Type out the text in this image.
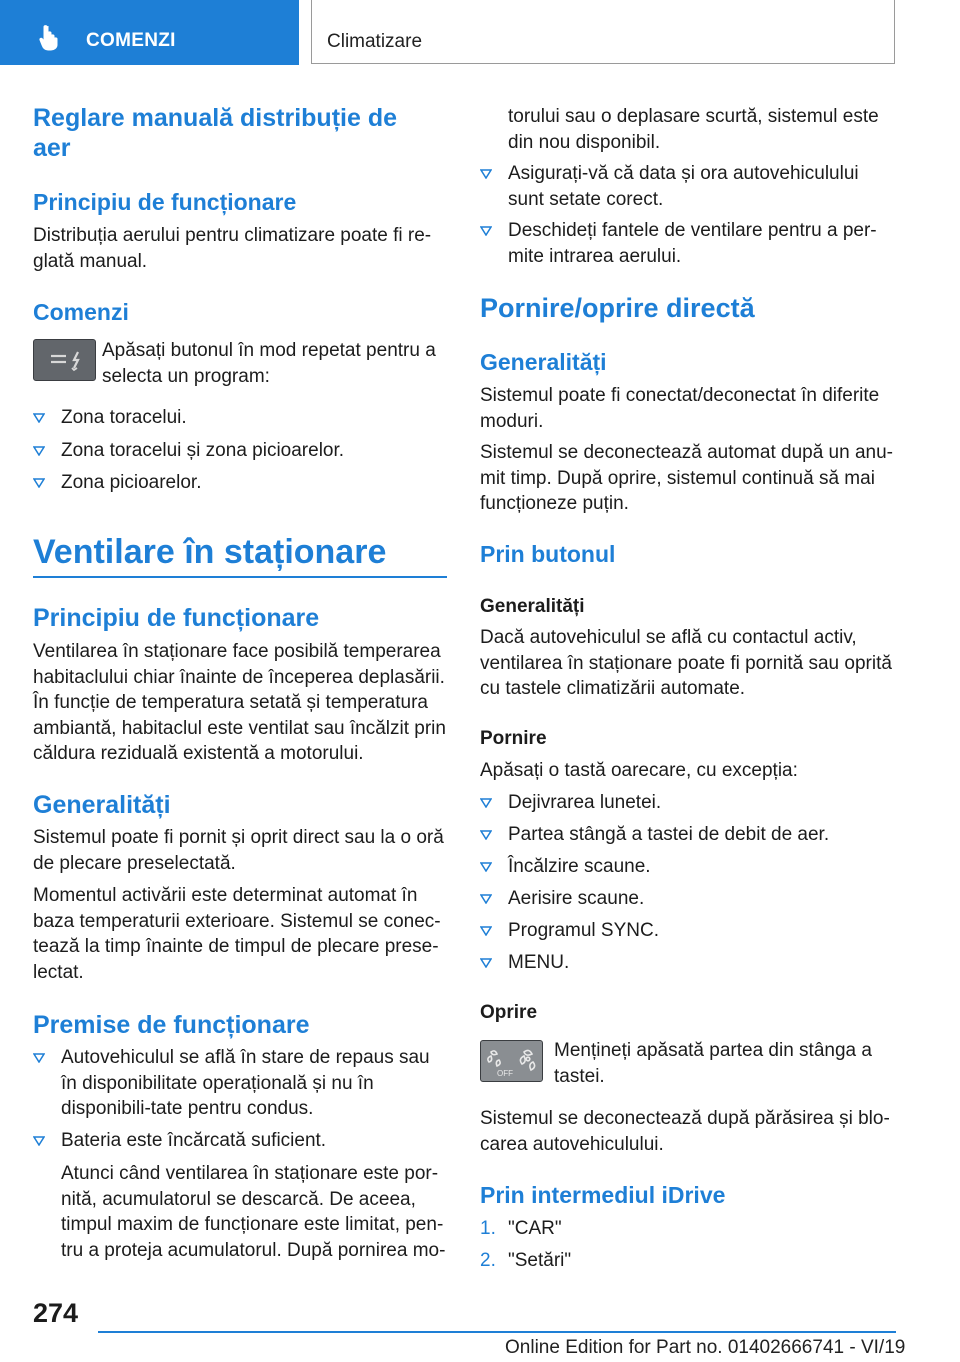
COMENZI	Climatizare
Reglare manuală distribuție de aer
Principiu de funcționare
Distribuția aerului pentru climatizare poate fi re-glată manual.
Comenzi
Apăsați butonul în mod repetat pentru a selecta un program:
Zona toracelui.
Zona toracelui și zona picioarelor.
Zona picioarelor.
Ventilare în staționare
Principiu de funcționare
Ventilarea în staționare face posibilă temperarea habitaclului chiar înainte de începerea deplasării. În funcție de temperatura setată și temperatura ambiantă, habitaclul este ventilat sau încălzit prin căldura reziduală existentă a motorului.
Generalități
Sistemul poate fi pornit și oprit direct sau la o oră de plecare preselectată.
Momentul activării este determinat automat în baza temperaturii exterioare. Sistemul se conec-tează la timp înainte de timpul de plecare prese-lectat.
Premise de funcționare
Autovehiculul se află în stare de repaus sau în disponibilitate operațională și nu în disponibili-tate pentru condus.
Bateria este încărcată suficient.
Atunci când ventilarea în staționare este por-nită, acumulatorul se descarcă. De aceea, timpul maxim de funcționare este limitat, pen-tru a proteja acumulatorul. După pornirea mo-
torului sau o deplasare scurtă, sistemul este din nou disponibil.
Asigurați-vă că data și ora autovehiculului sunt setate corect.
Deschideți fantele de ventilare pentru a per-mite intrarea aerului.
Pornire/oprire directă
Generalități
Sistemul poate fi conectat/deconectat în diferite moduri.
Sistemul se deconectează automat după un anu-mit timp. După oprire, sistemul continuă să mai funcționeze puțin.
Prin butonul
Generalități
Dacă autovehiculul se află cu contactul activ, ventilarea în staționare poate fi pornită sau oprită cu tastele climatizării automate.
Pornire
Apăsați o tastă oarecare, cu excepția:
Dejivrarea lunetei.
Partea stângă a tastei de debit de aer.
Încălzire scaune.
Aerisire scaune.
Programul SYNC.
MENU.
Oprire
OFF
Mențineți apăsată partea din stânga a tastei.
Sistemul se deconectează după părăsirea și blo-carea autovehiculului.
Prin intermediul iDrive
1. "CAR"
2. "Setări"
274
Online Edition for Part no. 01402666741 - VI/19
